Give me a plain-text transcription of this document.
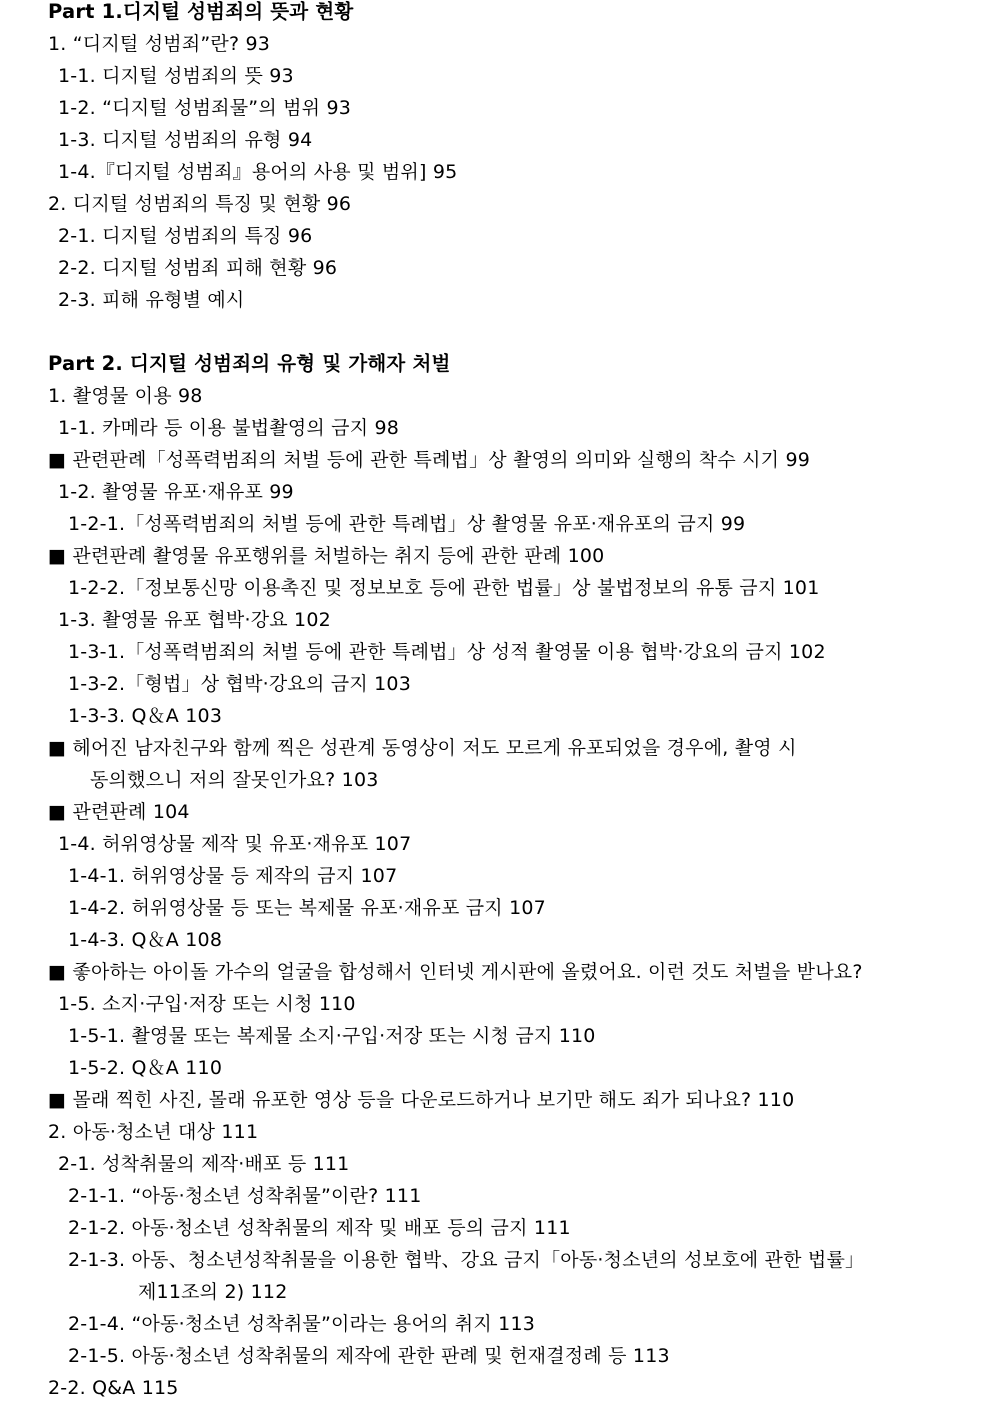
Part 1.디지털 성범죄의 뜻과 현황
1. “디지털 성범죄”란? 93
1-1. 디지털 성범죄의 뜻 93
1-2. “디지털 성범죄물”의 범위 93
1-3. 디지털 성범죄의 유형 94
1-4.『디지털 성범죄』용어의 사용 및 범위] 95
2. 디지털 성범죄의 특징 및 현황 96
2-1. 디지털 성범죄의 특징 96
2-2. 디지털 성범죄 피해 현황 96
2-3. 피해 유형별 예시
Part 2. 디지털 성범죄의 유형 및 가해자 처벌
1. 촬영물 이용 98
1-1. 카메라 등 이용 불법촬영의 금지 98
■ 관련판례「성폭력범죄의 처벌 등에 관한 특례법」상 촬영의 의미와 실행의 착수 시기 99
1-2. 촬영물 유포·재유포 99
1-2-1.「성폭력범죄의 처벌 등에 관한 특례법」상 촬영물 유포·재유포의 금지 99
■ 관련판례 촬영물 유포행위를 처벌하는 취지 등에 관한 판례 100
1-2-2.「정보통신망 이용촉진 및 정보보호 등에 관한 법률」상 불법정보의 유통 금지 101
1-3. 촬영물 유포 협박·강요 102
1-3-1.「성폭력범죄의 처벌 등에 관한 특례법」상 성적 촬영물 이용 협박·강요의 금지 102
1-3-2.「형법」상 협박·강요의 금지 103
1-3-3. Q＆A 103
■ 헤어진 남자친구와 함께 찍은 성관계 동영상이 저도 모르게 유포되었을 경우에, 촬영 시
동의했으니 저의 잘못인가요? 103
■ 관련판례 104
1-4. 허위영상물 제작 및 유포·재유포 107
1-4-1. 허위영상물 등 제작의 금지 107
1-4-2. 허위영상물 등 또는 복제물 유포·재유포 금지 107
1-4-3. Q＆A 108
■ 좋아하는 아이돌 가수의 얼굴을 합성해서 인터넷 게시판에 올렸어요. 이런 것도 처벌을 받나요?
1-5. 소지·구입·저장 또는 시청 110
1-5-1. 촬영물 또는 복제물 소지·구입·저장 또는 시청 금지 110
1-5-2. Q＆A 110
■ 몰래 찍힌 사진, 몰래 유포한 영상 등을 다운로드하거나 보기만 해도 죄가 되나요? 110
2. 아동·청소년 대상 111
2-1. 성착취물의 제작·배포 등 111
2-1-1. “아동·청소년 성착취물”이란? 111
2-1-2. 아동·청소년 성착취물의 제작 및 배포 등의 금지 111
2-1-3. 아동、청소년성착취물을 이용한 협박、강요 금지「아동·청소년의 성보호에 관한 법률」
제11조의 2) 112
2-1-4. “아동·청소년 성착취물”이라는 용어의 취지 113
2-1-5. 아동·청소년 성착취물의 제작에 관한 판례 및 헌재결정례 등 113
2-2. Q&A 115
